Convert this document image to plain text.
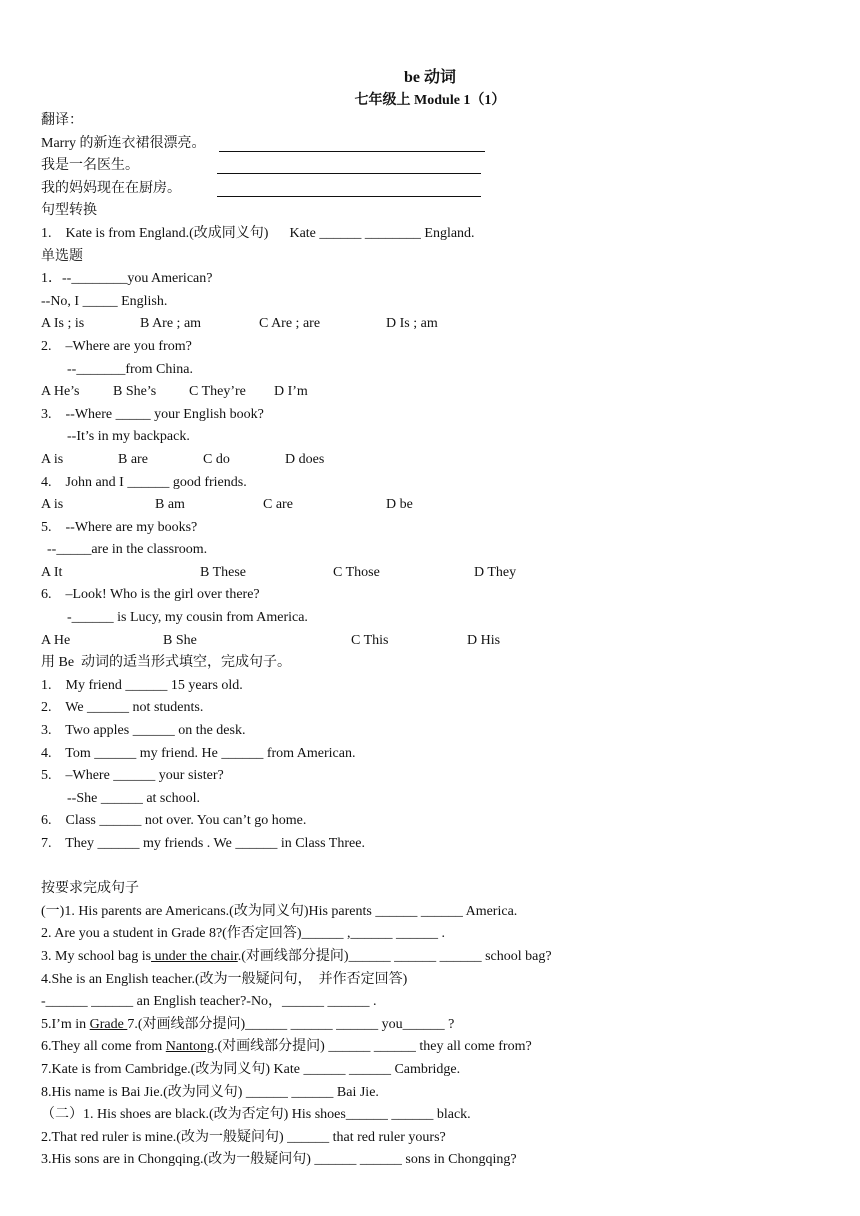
be 动词
七年级上 Module 1（1）
翻译：
Marry 的新连衣裙很漂亮。
我是一名医生。
我的妈妈现在在厨房。
句型转换
1.    Kate is from England.(改成同义句)      Kate ______ ________ England.
单选题
1．--________you American?
--No, I _____ English.

A Is ; is

	B Are ; am

	C Are ; are

	D Is ; am

2.    –Where are you from?
--_______from China.

A He’s

B She’s

C They’re

D I’m

3.    --Where _____ your English book?
--It’s in my backpack.

A is

	B are

	C do

	D does

4.    John and I ______ good friends.

A is

	B am

	C are

	D be

5.    --Where are my books?
--_____are in the classroom.

A It

	B These

	C Those

	D They

6.    –Look! Who is the girl over there?
-______ is Lucy, my cousin from America.

A He

	B She

	C This

	D His

用 Be  动词的适当形式填空，完成句子。
1.    My friend ______ 15 years old.
2.    We ______ not students.
3.    Two apples ______ on the desk.
4.    Tom ______ my friend. He ______ from American.
5.    –Where ______ your sister?
--She ______ at school.
6.    Class ______ not over. You can’t go home.
7.    They ______ my friends . We ______ in Class Three.
按要求完成句子
(一)1. His parents are Americans.(改为同义句)His parents ______ ______ America.
2. Are you a student in Grade 8?(作否定回答)______ ,______ ______ .
3. My school bag is under the chair.(对画线部分提问)______ ______ ______ school bag?
4.She is an English teacher.(改为一般疑问句，  并作否定回答)
-______ ______ an English teacher?-No，______ ______ .
5.I’m in Grade 7.(对画线部分提问)______ ______ ______ you______ ?
6.They all come from Nantong.(对画线部分提问) ______ ______ they all come from?
7.Kate is from Cambridge.(改为同义句) Kate ______ ______ Cambridge.
8.His name is Bai Jie.(改为同义句) ______ ______ Bai Jie.
（二）1. His shoes are black.(改为否定句) His shoes______ ______ black.
2.That red ruler is mine.(改为一般疑问句) ______ that red ruler yours?
3.His sons are in Chongqing.(改为一般疑问句) ______ ______ sons in Chongqing?
